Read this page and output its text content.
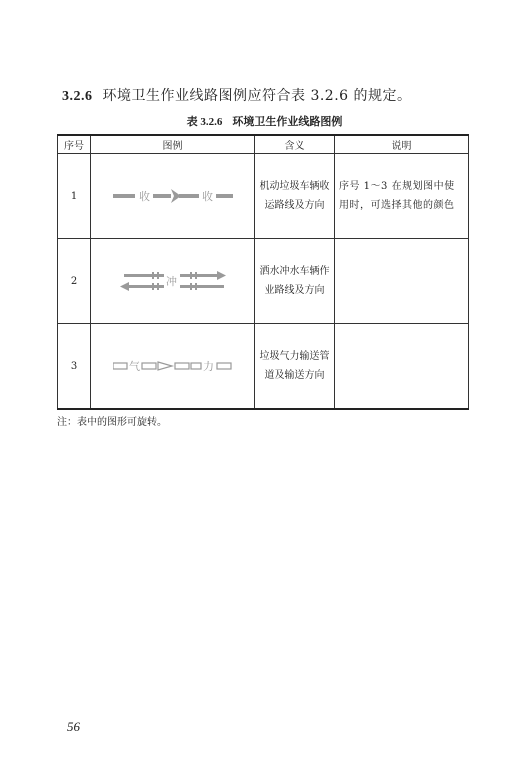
3.2.6 环境卫生作业线路图例应符合表 3.2.6 的规定。
表 3.2.6 环境卫生作业线路图例
序号	图例	含义	说明
1	收 收	机动垃圾车辆收运路线及方向	序号 1～3 在规划图中使用时，可选择其他的颜色
2	冲	洒水冲水车辆作业路线及方向	
3	气 力	垃圾气力输送管道及输送方向	
注：表中的图形可旋转。
56
